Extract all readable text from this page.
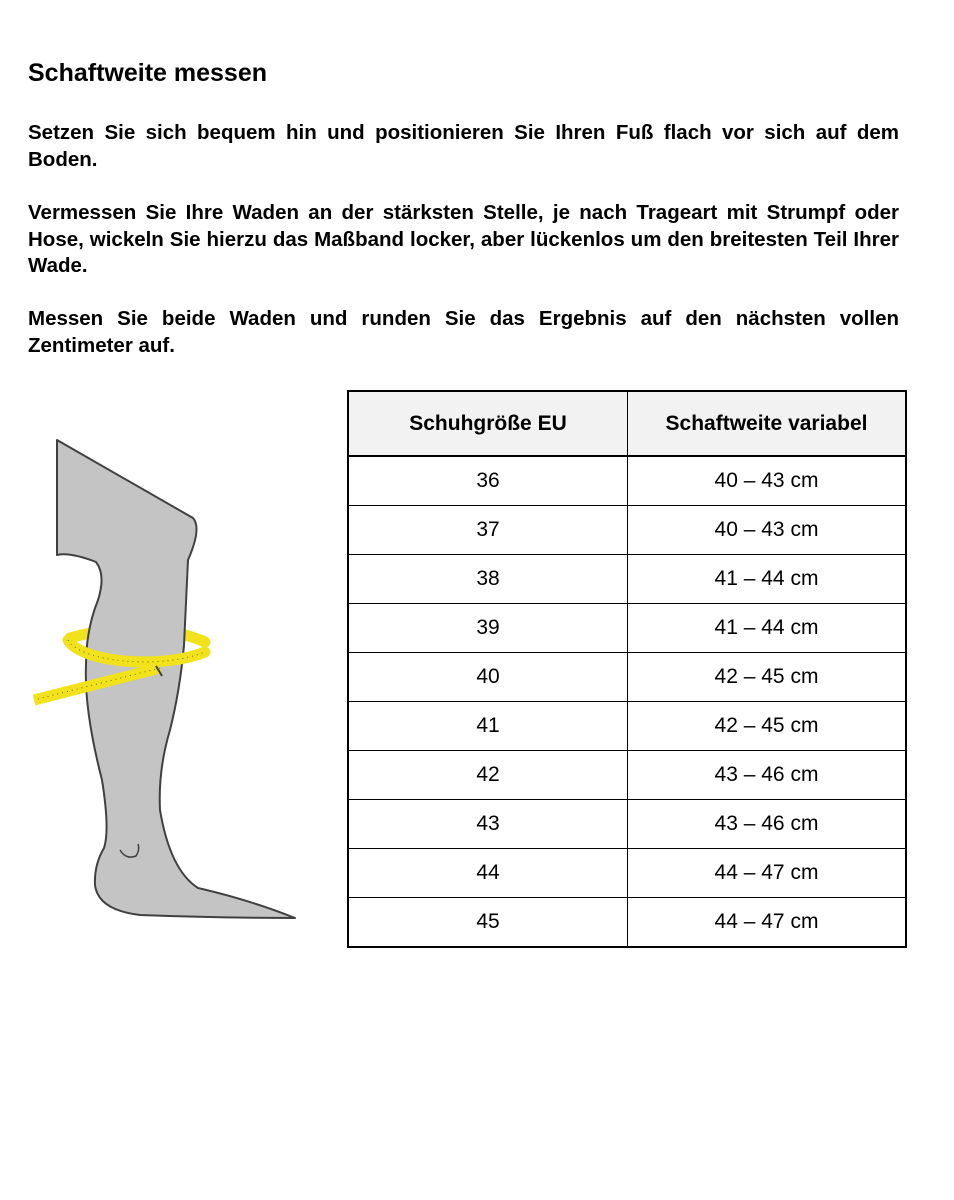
Schaftweite messen

Setzen Sie sich bequem hin und positionieren Sie Ihren Fuß flach vor sich auf dem Boden.

Vermessen Sie Ihre Waden an der stärksten Stelle, je nach Trageart mit Strumpf oder Hose, wickeln Sie hierzu das Maßband locker, aber lückenlos um den breitesten Teil Ihrer Wade.

Messen Sie beide Waden und runden Sie das Ergebnis auf den nächsten vollen Zentimeter auf.

Schuhgröße EU	Schaftweite variabel
36	40 – 43 cm
37	40 – 43 cm
38	41 – 44 cm
39	41 – 44 cm
40	42 – 45 cm
41	42 – 45 cm
42	43 – 46 cm
43	43 – 46 cm
44	44 – 47 cm
45	44 – 47 cm
